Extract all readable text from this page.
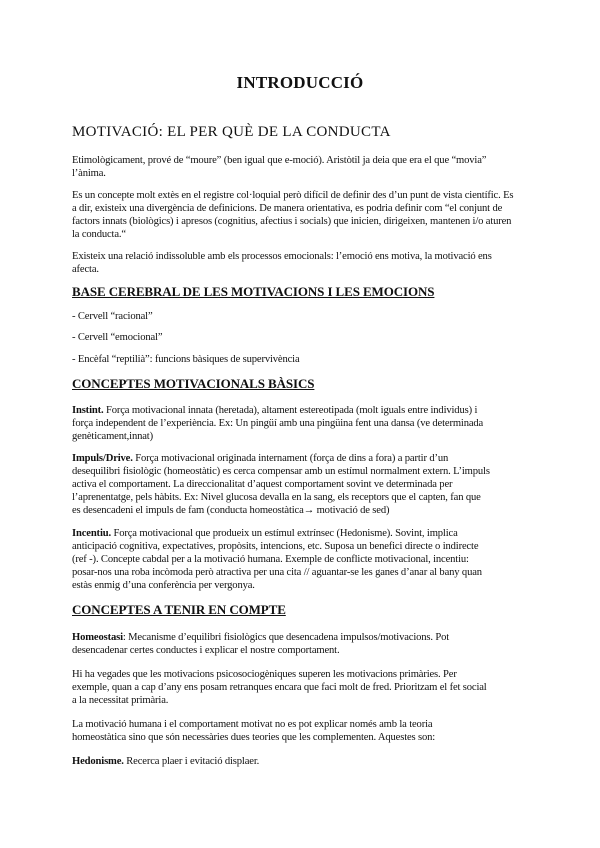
INTRODUCCIÓ
MOTIVACIÓ: EL PER QUÈ DE LA CONDUCTA
Etimològicament, prové de “moure” (ben igual que e-moció). Aristòtil ja deia que era el que “movia”
l’ànima.
Es un concepte molt extès en el registre col·loquial però difícil de definir des d’un punt de vista científic. Es
a dir, existeix una divergència de definicions. De manera orientativa, es podria definir com “el conjunt de
factors innats (biològics) i apresos (cognitius, afectius i socials) que inicien, dirigeixen, mantenen i/o aturen
la conducta.“
Existeix una relació indissoluble amb els processos emocionals: l’emoció ens motiva, la motivació ens
afecta.
BASE CEREBRAL DE LES MOTIVACIONS I LES EMOCIONS
- Cervell “racional”
- Cervell “emocional”
- Encèfal “reptilià”: funcions bàsiques de supervivència
CONCEPTES MOTIVACIONALS BÀSICS
Instint. Força motivacional innata (heretada), altament estereotipada (molt iguals entre individus) i
força independent de l’experiència. Ex: Un pingüí amb una pingüina fent una dansa (ve determinada
genèticament,innat)
Impuls/Drive. Força motivacional originada internament (força de dins a fora) a partir d’un
desequilibri fisiològic (homeostàtic) es cerca compensar amb un estímul normalment extern. L’impuls
activa el comportament. La direccionalitat d’aquest comportament sovint ve determinada per
l’aprenentatge, pels hàbits. Ex: Nivel glucosa devalla en la sang, els receptors que el capten, fan que
es desencadeni el impuls de fam (conducta homeostàtica→ motivació de sed)
Incentiu. Força motivacional que produeix un estímul extrínsec (Hedonisme). Sovint, implica
anticipació cognitiva, expectatives, propòsits, intencions, etc. Suposa un benefici directe o indirecte
(ref -). Concepte cabdal per a la motivació humana. Exemple de conflicte motivacional, incentiu:
posar-nos una roba incòmoda però atractiva per una cita // aguantar-se les ganes d’anar al bany quan
estàs enmig d’una conferència per vergonya.
CONCEPTES A TENIR EN COMPTE
Homeostasi: Mecanisme d’equilibri fisiològics que desencadena impulsos/motivacions. Pot
desencadenar certes conductes i explicar el nostre comportament.
Hi ha vegades que les motivacions psicosociogèniques superen les motivacions primàries. Per
exemple, quan a cap d’any ens posam retranques encara que faci molt de fred. Prioritzam el fet social
a la necessitat primària.
La motivació humana i el comportament motivat no es pot explicar només amb la teoria
homeostàtica sino que són necessàries dues teories que les complementen. Aquestes son:
Hedonisme. Recerca plaer i evitació displaer.
